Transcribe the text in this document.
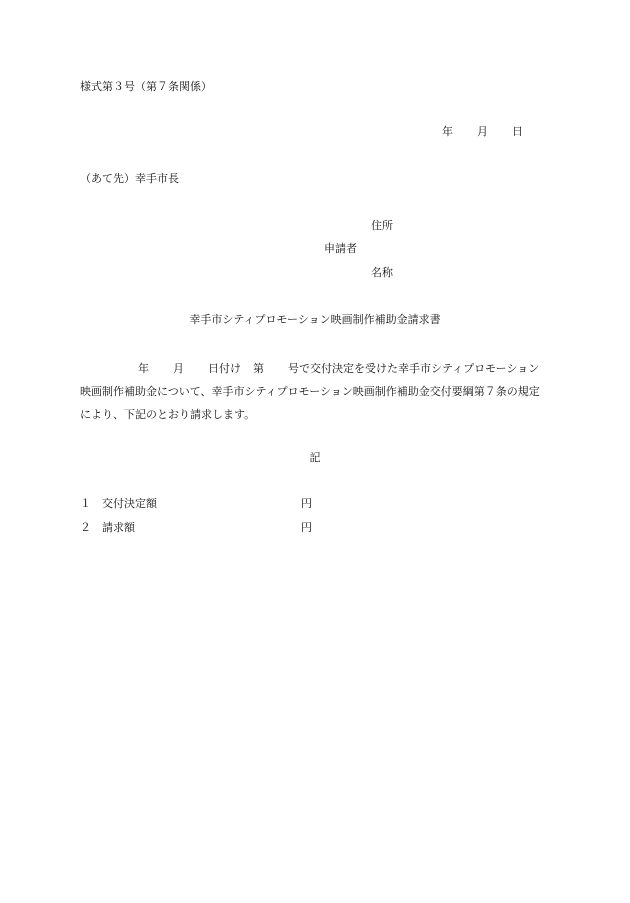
様式第３号（第７条関係）
年 月 日
（あて先）幸手市長
住所
申請者
名称
幸手市シティプロモーション映画制作補助金請求書
年 月 日付け 第 号で交付決定を受けた幸手市シティプロモーション映画制作補助金について、幸手市シティプロモーション映画制作補助金交付要綱第７条の規定により、下記のとおり請求します。
記
１ 交付決定額	円
２ 請求額	円
